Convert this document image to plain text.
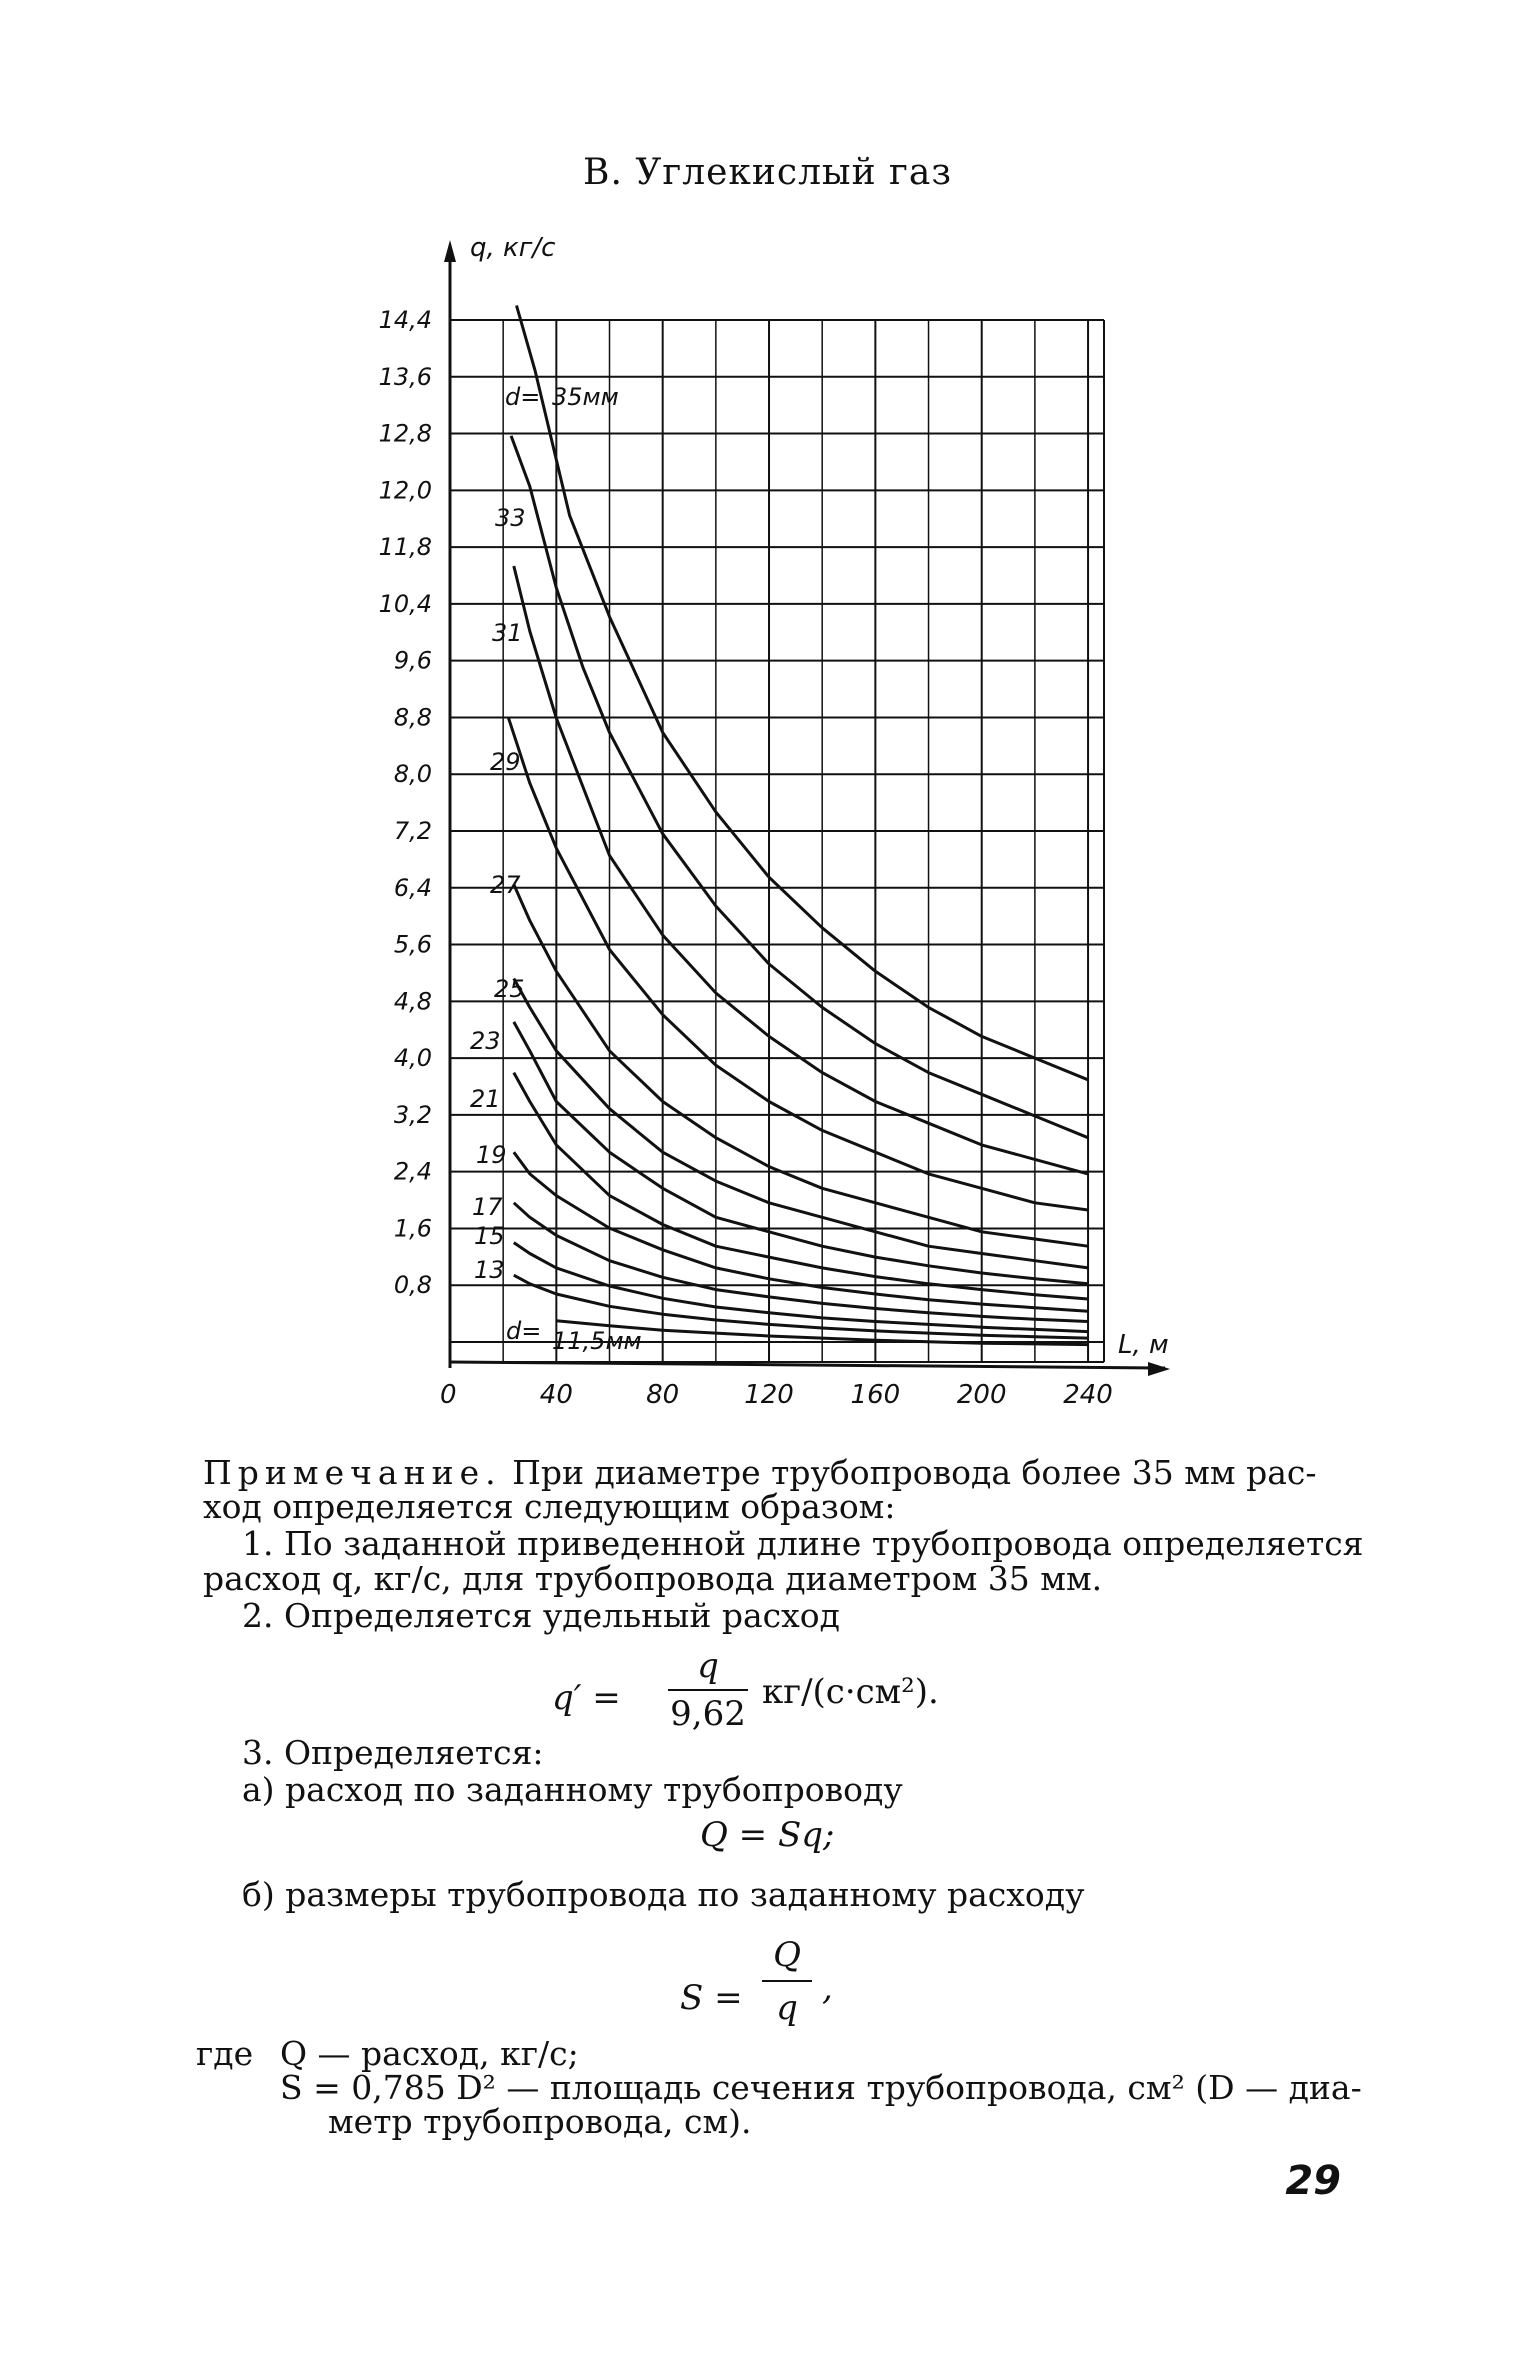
В. Углекислый газ
14,4
13,6
12,8
12,0
11,8
10,4
9,6
8,8
8,0
7,2
6,4
5,6
4,8
4,0
3,2
2,4
1,6
0,8
40	80 120 160 200 240
d= 35мм
33
31
29
27
25
23
21
19
17
15
13
d= 11,5мм
q, кг/с
L, м
0
Примечание. При диаметре трубопровода более 35 мм рас-
ход определяется следующим образом:
1. По заданной приведенной длине трубопровода определяется
расход q, кг/с, для трубопровода диаметром 35 мм.
2. Определяется удельный расход
q′ =
q
9,62
кг/(с·см²).
3. Определяется:
а) расход по заданному трубопроводу
Q = Sq;
б) размеры трубопровода по заданному расходу
S =
Q
q ,
где Q — расход, кг/с;
S = 0,785 D² — площадь сечения трубопровода, см² (D — диа-
метр трубопровода, см).
29
